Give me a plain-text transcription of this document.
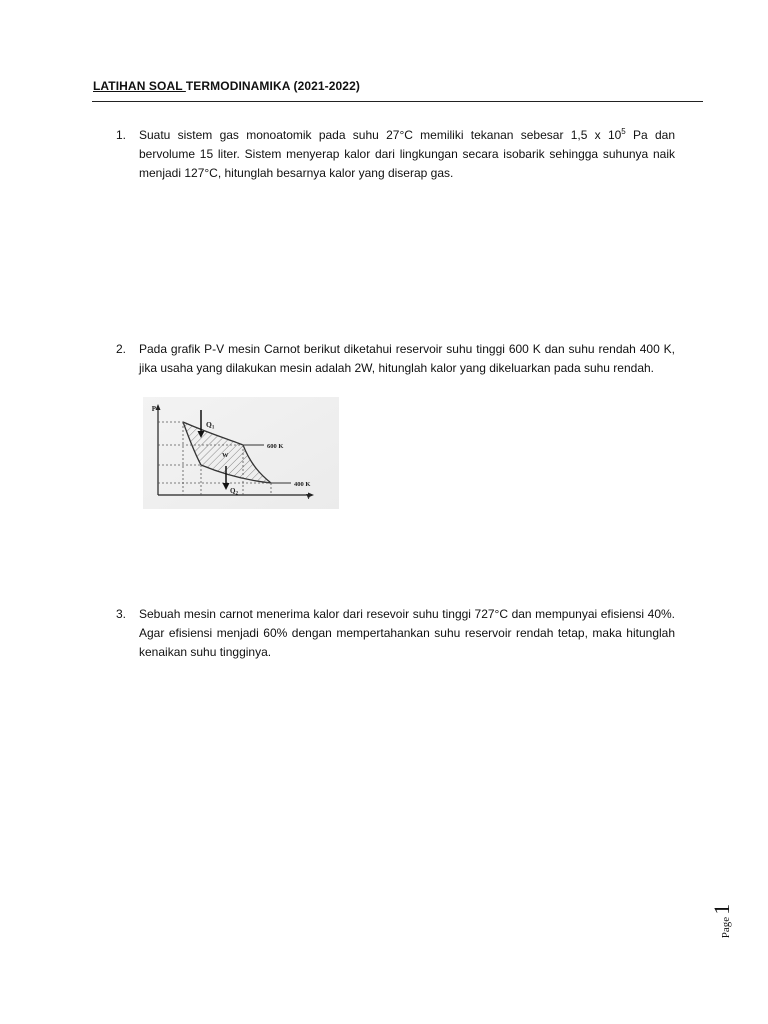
LATIHAN SOAL TERMODINAMIKA (2021-2022)
1. Suatu sistem gas monoatomik pada suhu 27°C memiliki tekanan sebesar 1,5 x $10^5$ Pa dan bervolume 15 liter. Sistem menyerap kalor dari lingkungan secara isobarik sehingga suhunya naik menjadi 127°C, hitunglah besarnya kalor yang diserap gas.
2. Pada grafik P-V mesin Carnot berikut diketahui reservoir suhu tinggi 600 K dan suhu rendah 400 K, jika usaha yang dilakukan mesin adalah 2W, hitunglah kalor yang dikeluarkan pada suhu rendah.
P
V
600 K
400 K
$Q_1$
W
$Q_2$
3. Sebuah mesin carnot menerima kalor dari resevoir suhu tinggi 727°C dan mempunyai efisiensi 40%. Agar efisiensi menjadi 60% dengan mempertahankan suhu reservoir rendah tetap, maka hitunglah kenaikan suhu tingginya.
Page1
